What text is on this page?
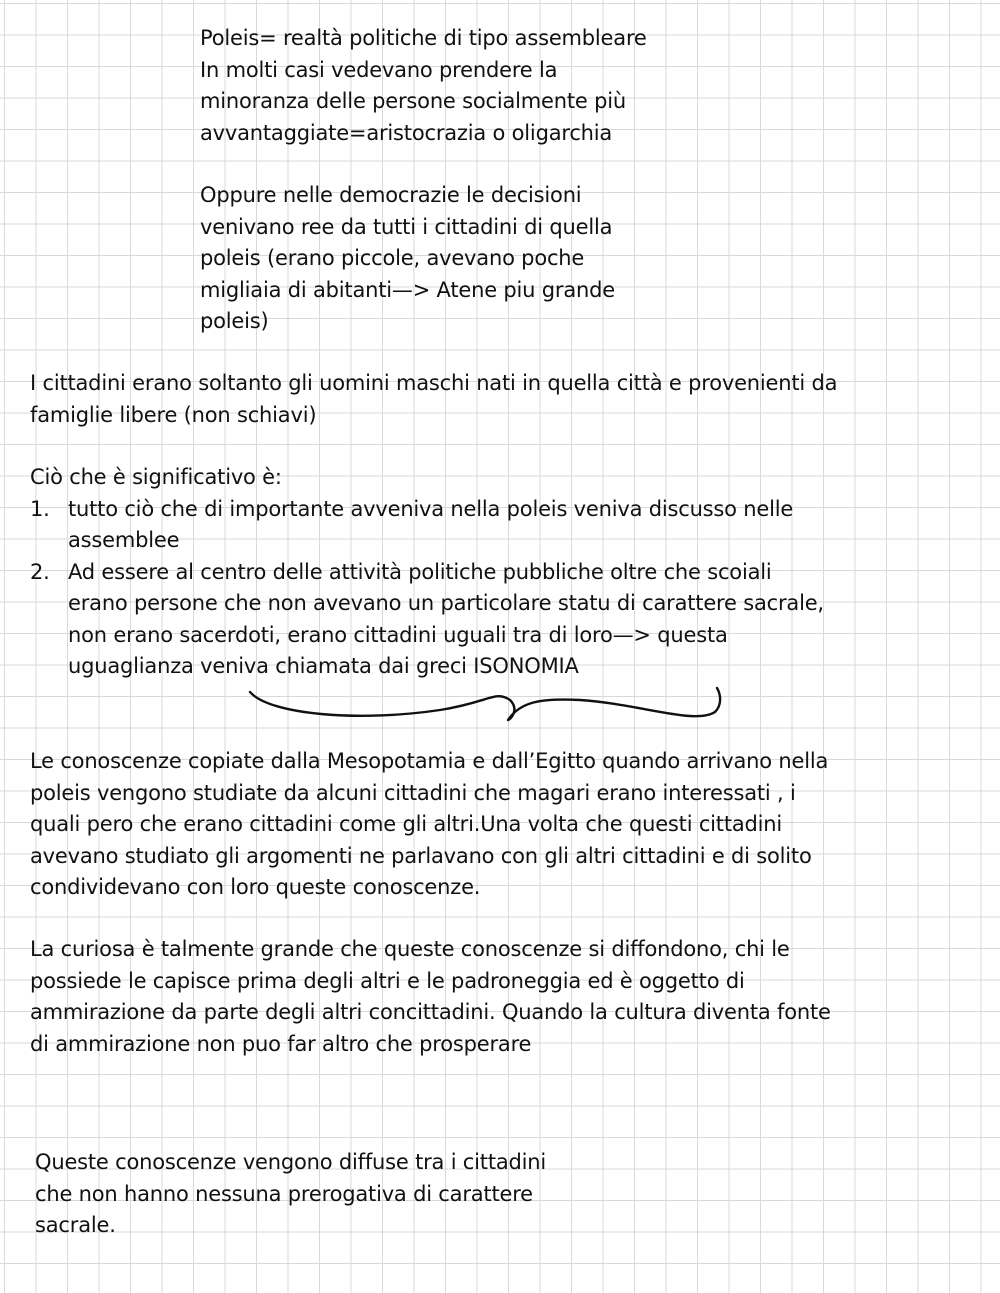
Poleis= realtà politiche di tipo assembleare
In molti casi vedevano prendere la
minoranza delle persone socialmente più
avvantaggiate=aristocrazia o oligarchia
Oppure nelle democrazie le decisioni
venivano ree da tutti i cittadini di quella
poleis (erano piccole, avevano poche
migliaia di abitanti—> Atene piu grande
poleis)
I cittadini erano soltanto gli uomini maschi nati in quella città e provenienti da
famiglie libere (non schiavi)
Ciò che è significativo è:
1. tutto ciò che di importante avveniva nella poleis veniva discusso nelle
assemblee
2. Ad essere al centro delle attività politiche pubbliche oltre che scoiali
erano persone che non avevano un particolare statu di carattere sacrale,
non erano sacerdoti, erano cittadini uguali tra di loro—> questa
uguaglianza veniva chiamata dai greci ISONOMIA
Le conoscenze copiate dalla Mesopotamia e dall’Egitto quando arrivano nella
poleis vengono studiate da alcuni cittadini che magari erano interessati , i
quali pero che erano cittadini come gli altri.Una volta che questi cittadini
avevano studiato gli argomenti ne parlavano con gli altri cittadini e di solito
condividevano con loro queste conoscenze.
La curiosa è talmente grande che queste conoscenze si diffondono, chi le
possiede le capisce prima degli altri e le padroneggia ed è oggetto di
ammirazione da parte degli altri concittadini. Quando la cultura diventa fonte
di ammirazione non puo far altro che prosperare
Queste conoscenze vengono diffuse tra i cittadini
che non hanno nessuna prerogativa di carattere
sacrale.
